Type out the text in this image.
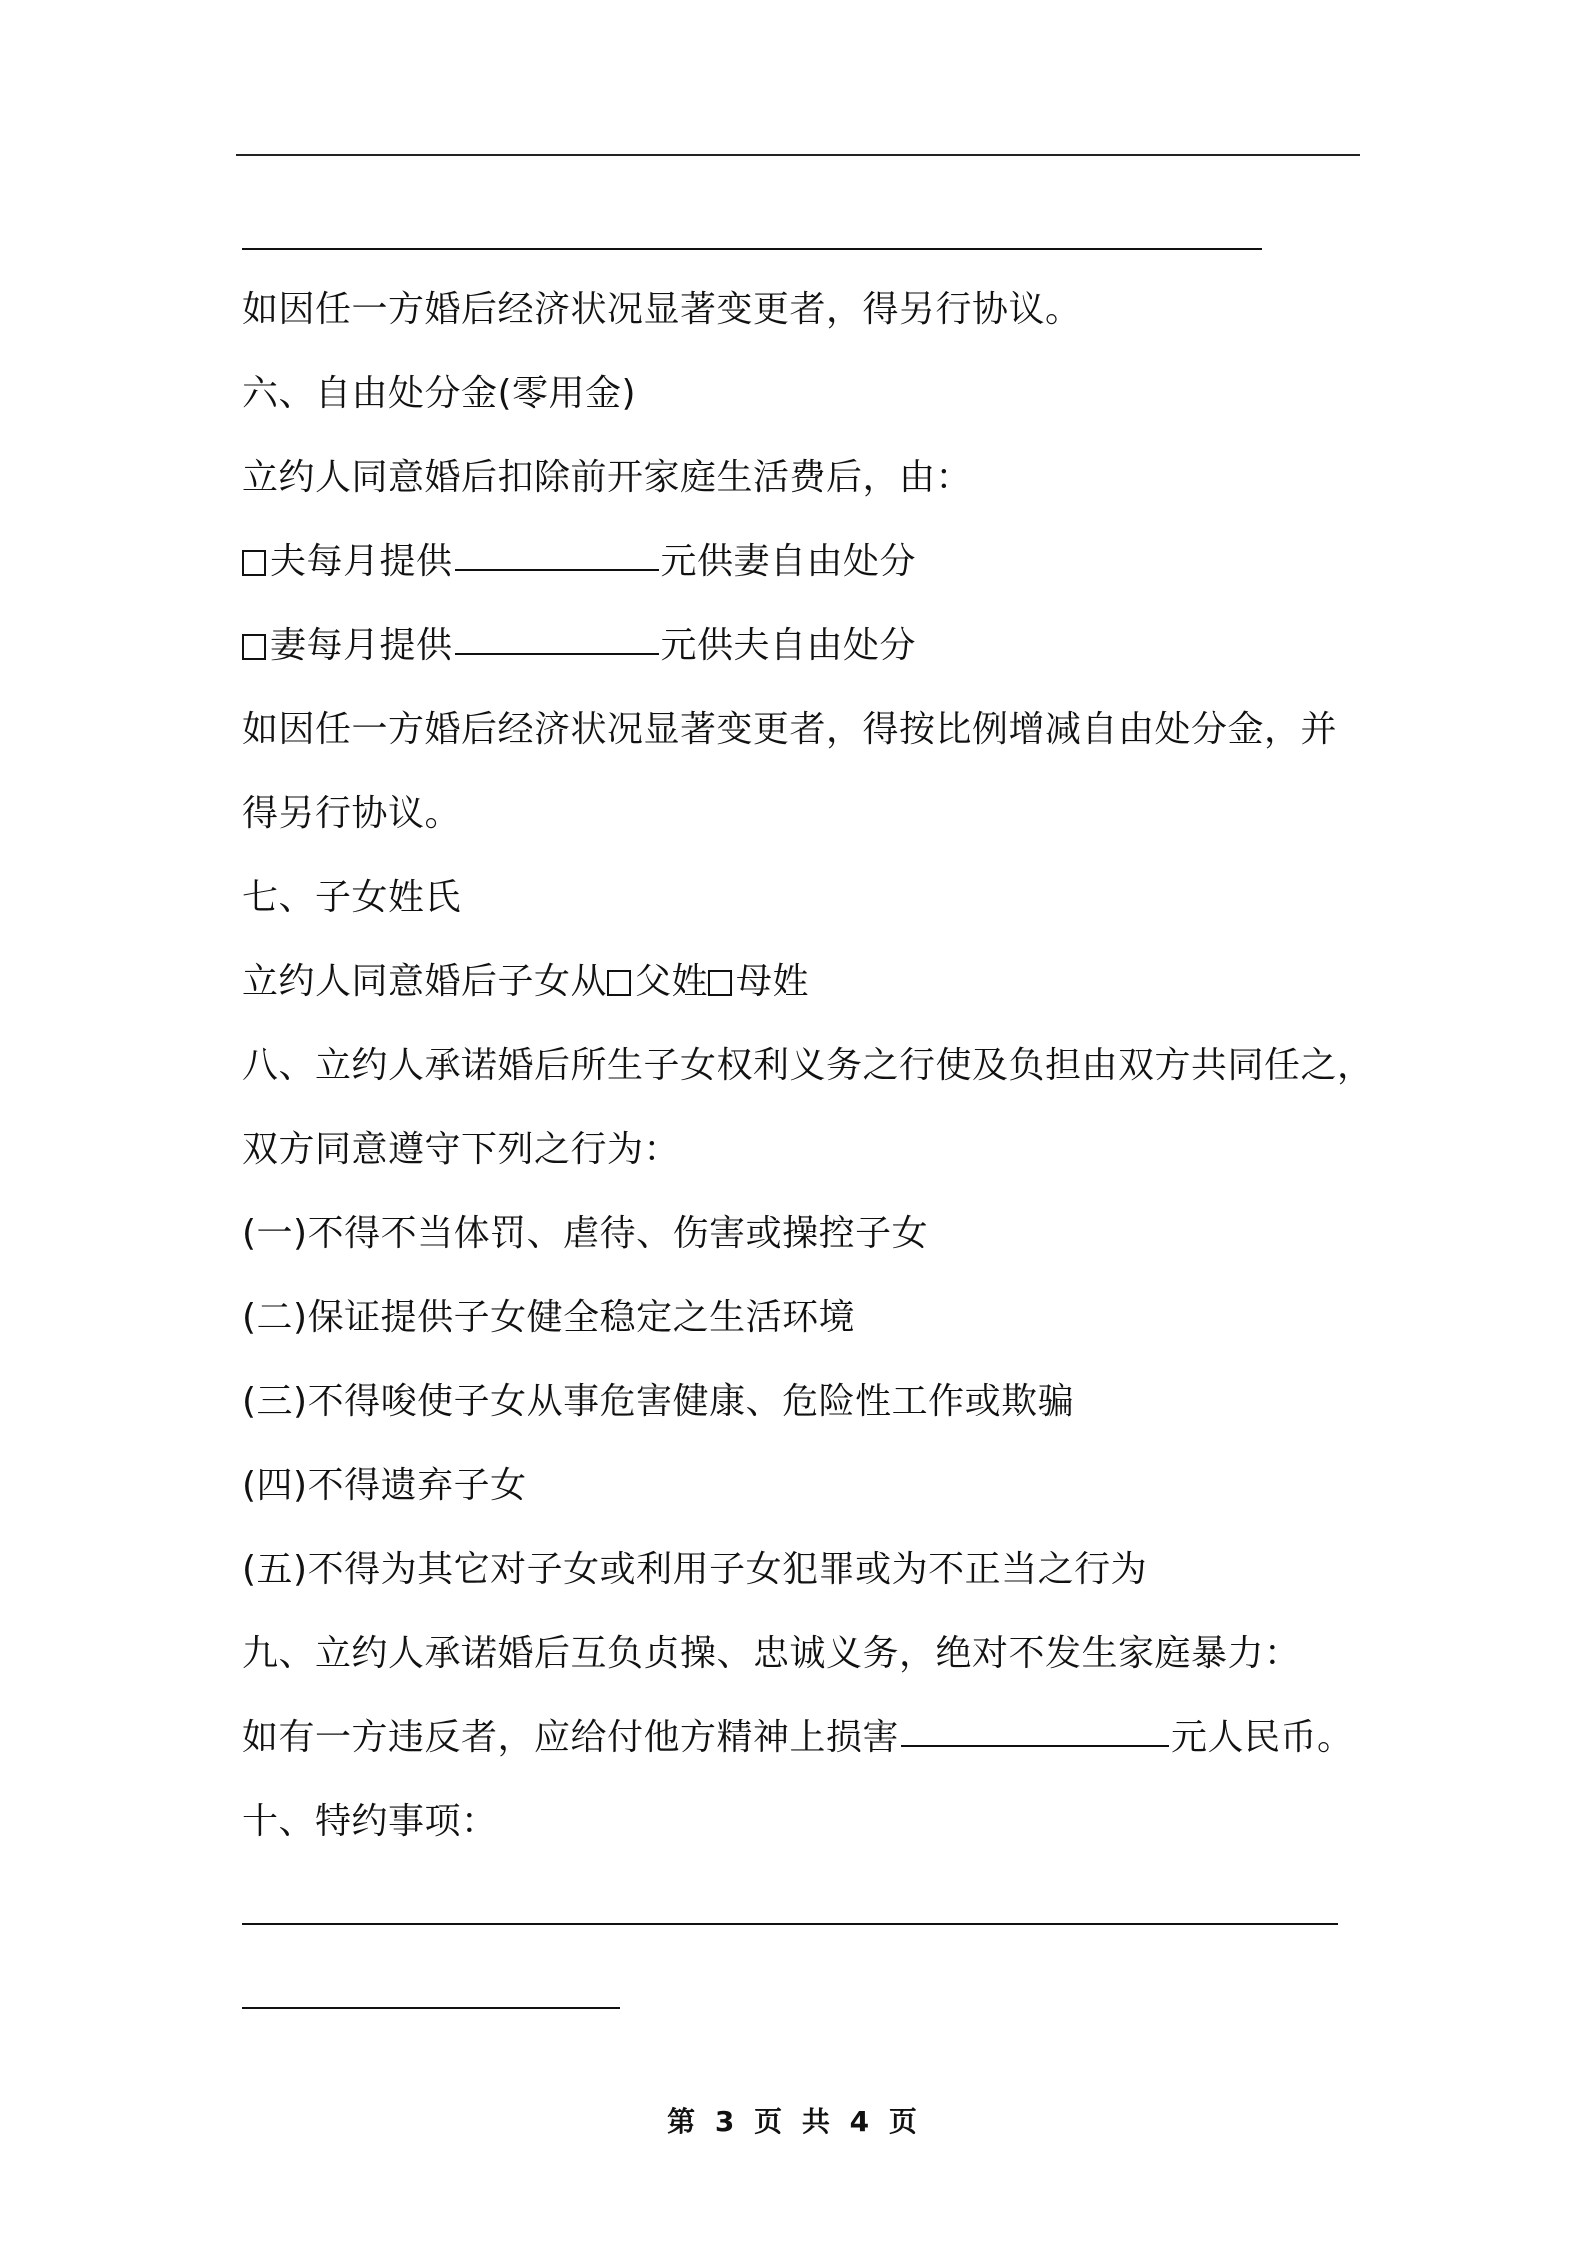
如因任一方婚后经济状况显著变更者，得另行协议。
六、自由处分金(零用金)
立约人同意婚后扣除前开家庭生活费后，由：
夫每月提供	元供妻自由处分
妻每月提供	元供夫自由处分
如因任一方婚后经济状况显著变更者，得按比例增减自由处分金，并
得另行协议。
七、子女姓氏
立约人同意婚后子女从 父姓 母姓
八、立约人承诺婚后所生子女权利义务之行使及负担由双方共同任之，
双方同意遵守下列之行为：
(一)不得不当体罚、虐待、伤害或操控子女
(二)保证提供子女健全稳定之生活环境
(三)不得唆使子女从事危害健康、危险性工作或欺骗
(四)不得遗弃子女
(五)不得为其它对子女或利用子女犯罪或为不正当之行为
九、立约人承诺婚后互负贞操、忠诚义务，绝对不发生家庭暴力：
如有一方违反者，应给付他方精神上损害	元人民币。
十、特约事项：
第 3 页 共 4 页
